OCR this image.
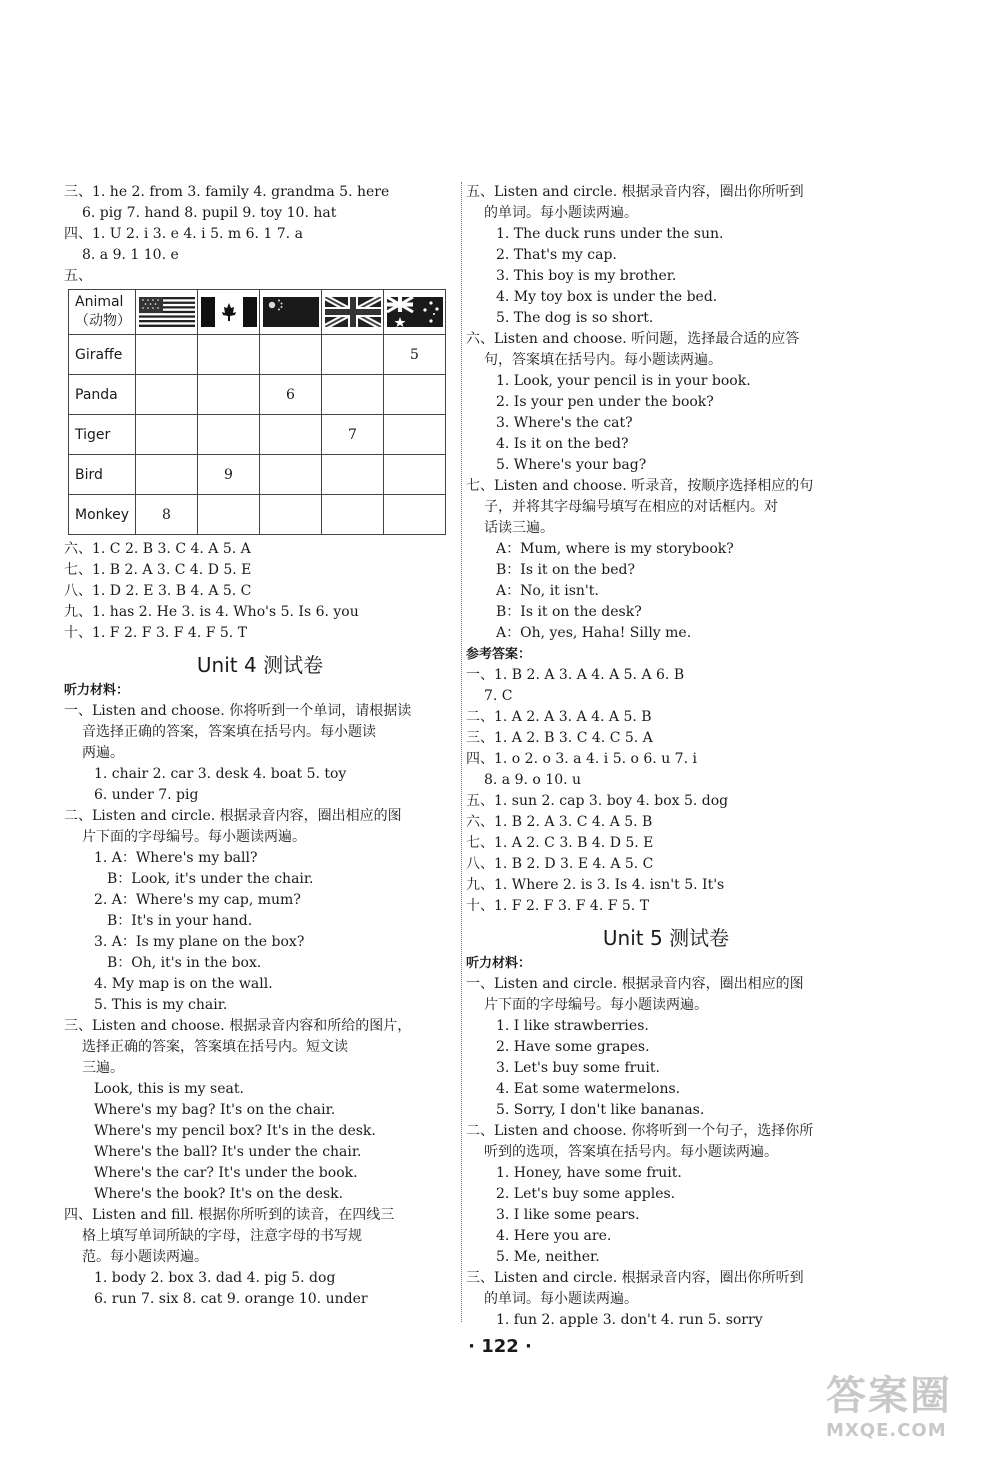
三、1. he 2. from 3. family 4. grandma 5. here
6. pig 7. hand 8. pupil 9. toy 10. hat
四、1. U 2. i 3. e 4. i 5. m 6. 1 7. a
8. a 9. 1 10. e
五、
Animal
（动物）					
Giraffe					5
Panda			6		
Tiger				7	
Bird		9			
Monkey	8				
六、1. C 2. B 3. C 4. A 5. A
七、1. B 2. A 3. C 4. D 5. E
八、1. D 2. E 3. B 4. A 5. C
九、1. has 2. He 3. is 4. Who's 5. Is 6. you
十、1. F 2. F 3. F 4. F 5. T
Unit 4 测试卷
听力材料：
一、Listen and choose. 你将听到一个单词，请根据读
音选择正确的答案，答案填在括号内。每小题读
两遍。
1. chair 2. car 3. desk 4. boat 5. toy
6. under 7. pig
二、Listen and circle. 根据录音内容，圈出相应的图
片下面的字母编号。每小题读两遍。
1. A：Where's my ball?
B：Look, it's under the chair.
2. A：Where's my cap, mum?
B：It's in your hand.
3. A：Is my plane on the box?
B：Oh, it's in the box.
4. My map is on the wall.
5. This is my chair.
三、Listen and choose. 根据录音内容和所给的图片，
选择正确的答案，答案填在括号内。短文读
三遍。
Look, this is my seat.
Where's my bag? It's on the chair.
Where's my pencil box? It's in the desk.
Where's the ball? It's under the chair.
Where's the car? It's under the book.
Where's the book? It's on the desk.
四、Listen and fill. 根据你所听到的读音，在四线三
格上填写单词所缺的字母，注意字母的书写规
范。每小题读两遍。
1. body 2. box 3. dad 4. pig 5. dog
6. run 7. six 8. cat 9. orange 10. under
五、Listen and circle. 根据录音内容，圈出你所听到
的单词。每小题读两遍。
1. The duck runs under the sun.
2. That's my cap.
3. This boy is my brother.
4. My toy box is under the bed.
5. The dog is so short.
六、Listen and choose. 听问题，选择最合适的应答
句，答案填在括号内。每小题读两遍。
1. Look, your pencil is in your book.
2. Is your pen under the book?
3. Where's the cat?
4. Is it on the bed?
5. Where's your bag?
七、Listen and choose. 听录音，按顺序选择相应的句
子，并将其字母编号填写在相应的对话框内。对
话读三遍。
A：Mum, where is my storybook?
B：Is it on the bed?
A：No, it isn't.
B：Is it on the desk?
A：Oh, yes, Haha! Silly me.
参考答案：
一、1. B 2. A 3. A 4. A 5. A 6. B
7. C
二、1. A 2. A 3. A 4. A 5. B
三、1. A 2. B 3. C 4. C 5. A
四、1. o 2. o 3. a 4. i 5. o 6. u 7. i
8. a 9. o 10. u
五、1. sun 2. cap 3. boy 4. box 5. dog
六、1. B 2. A 3. C 4. A 5. B
七、1. A 2. C 3. B 4. D 5. E
八、1. B 2. D 3. E 4. A 5. C
九、1. Where 2. is 3. Is 4. isn't 5. It's
十、1. F 2. F 3. F 4. F 5. T
Unit 5 测试卷
听力材料：
一、Listen and circle. 根据录音内容，圈出相应的图
片下面的字母编号。每小题读两遍。
1. I like strawberries.
2. Have some grapes.
3. Let's buy some fruit.
4. Eat some watermelons.
5. Sorry, I don't like bananas.
二、Listen and choose. 你将听到一个句子，选择你所
听到的选项，答案填在括号内。每小题读两遍。
1. Honey, have some fruit.
2. Let's buy some apples.
3. I like some pears.
4. Here you are.
5. Me, neither.
三、Listen and circle. 根据录音内容，圈出你所听到
的单词。每小题读两遍。
1. fun 2. apple 3. don't 4. run 5. sorry
· 122 ·
答案圈
MXQE.COM
